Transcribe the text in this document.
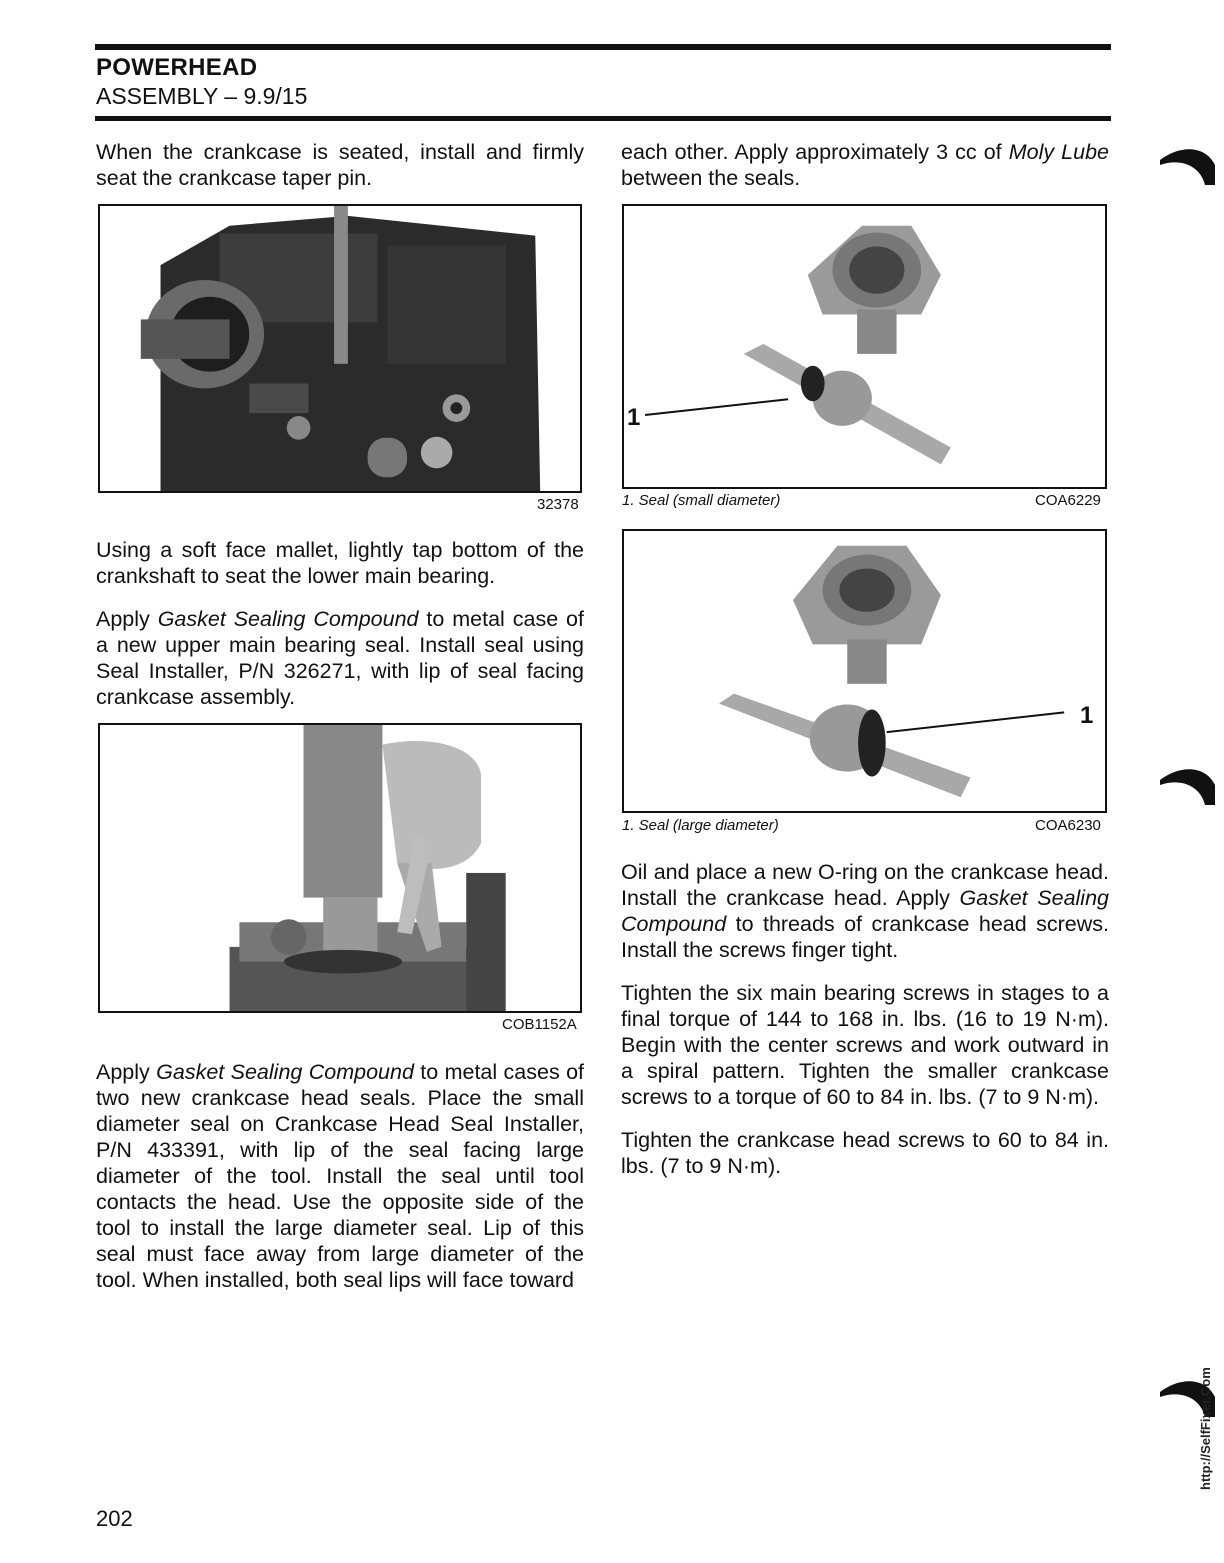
POWERHEAD
ASSEMBLY – 9.9/15

When the crankcase is seated, install and firmly seat the crankcase taper pin.

32378

Using a soft face mallet, lightly tap bottom of the crankshaft to seat the lower main bearing.

Apply Gasket Sealing Compound to metal case of a new upper main bearing seal. Install seal using Seal Installer, P/N 326271, with lip of seal facing crankcase assembly.

COB1152A

Apply Gasket Sealing Compound to metal cases of two new crankcase head seals. Place the small diameter seal on Crankcase Head Seal Installer, P/N 433391, with lip of the seal facing large diameter of the tool. Install the seal until tool contacts the head. Use the opposite side of the tool to install the large diameter seal. Lip of this seal must face away from large diameter of the tool. When installed, both seal lips will face toward

each other. Apply approximately 3 cc of Moly Lube between the seals.

1
1. Seal (small diameter)	COA6229
1
1. Seal (large diameter)	COA6230

Oil and place a new O-ring on the crankcase head. Install the crankcase head. Apply Gasket Sealing Compound to threads of crankcase head screws. Install the screws finger tight.

Tighten the six main bearing screws in stages to a final torque of 144 to 168 in. lbs. (16 to 19 N·m). Begin with the center screws and work outward in a spiral pattern. Tighten the smaller crankcase screws to a torque of 60 to 84 in. lbs. (7 to 9 N·m).

Tighten the crankcase head screws to 60 to 84 in. lbs. (7 to 9 N·m).

202
http://SelfFixer.Com
